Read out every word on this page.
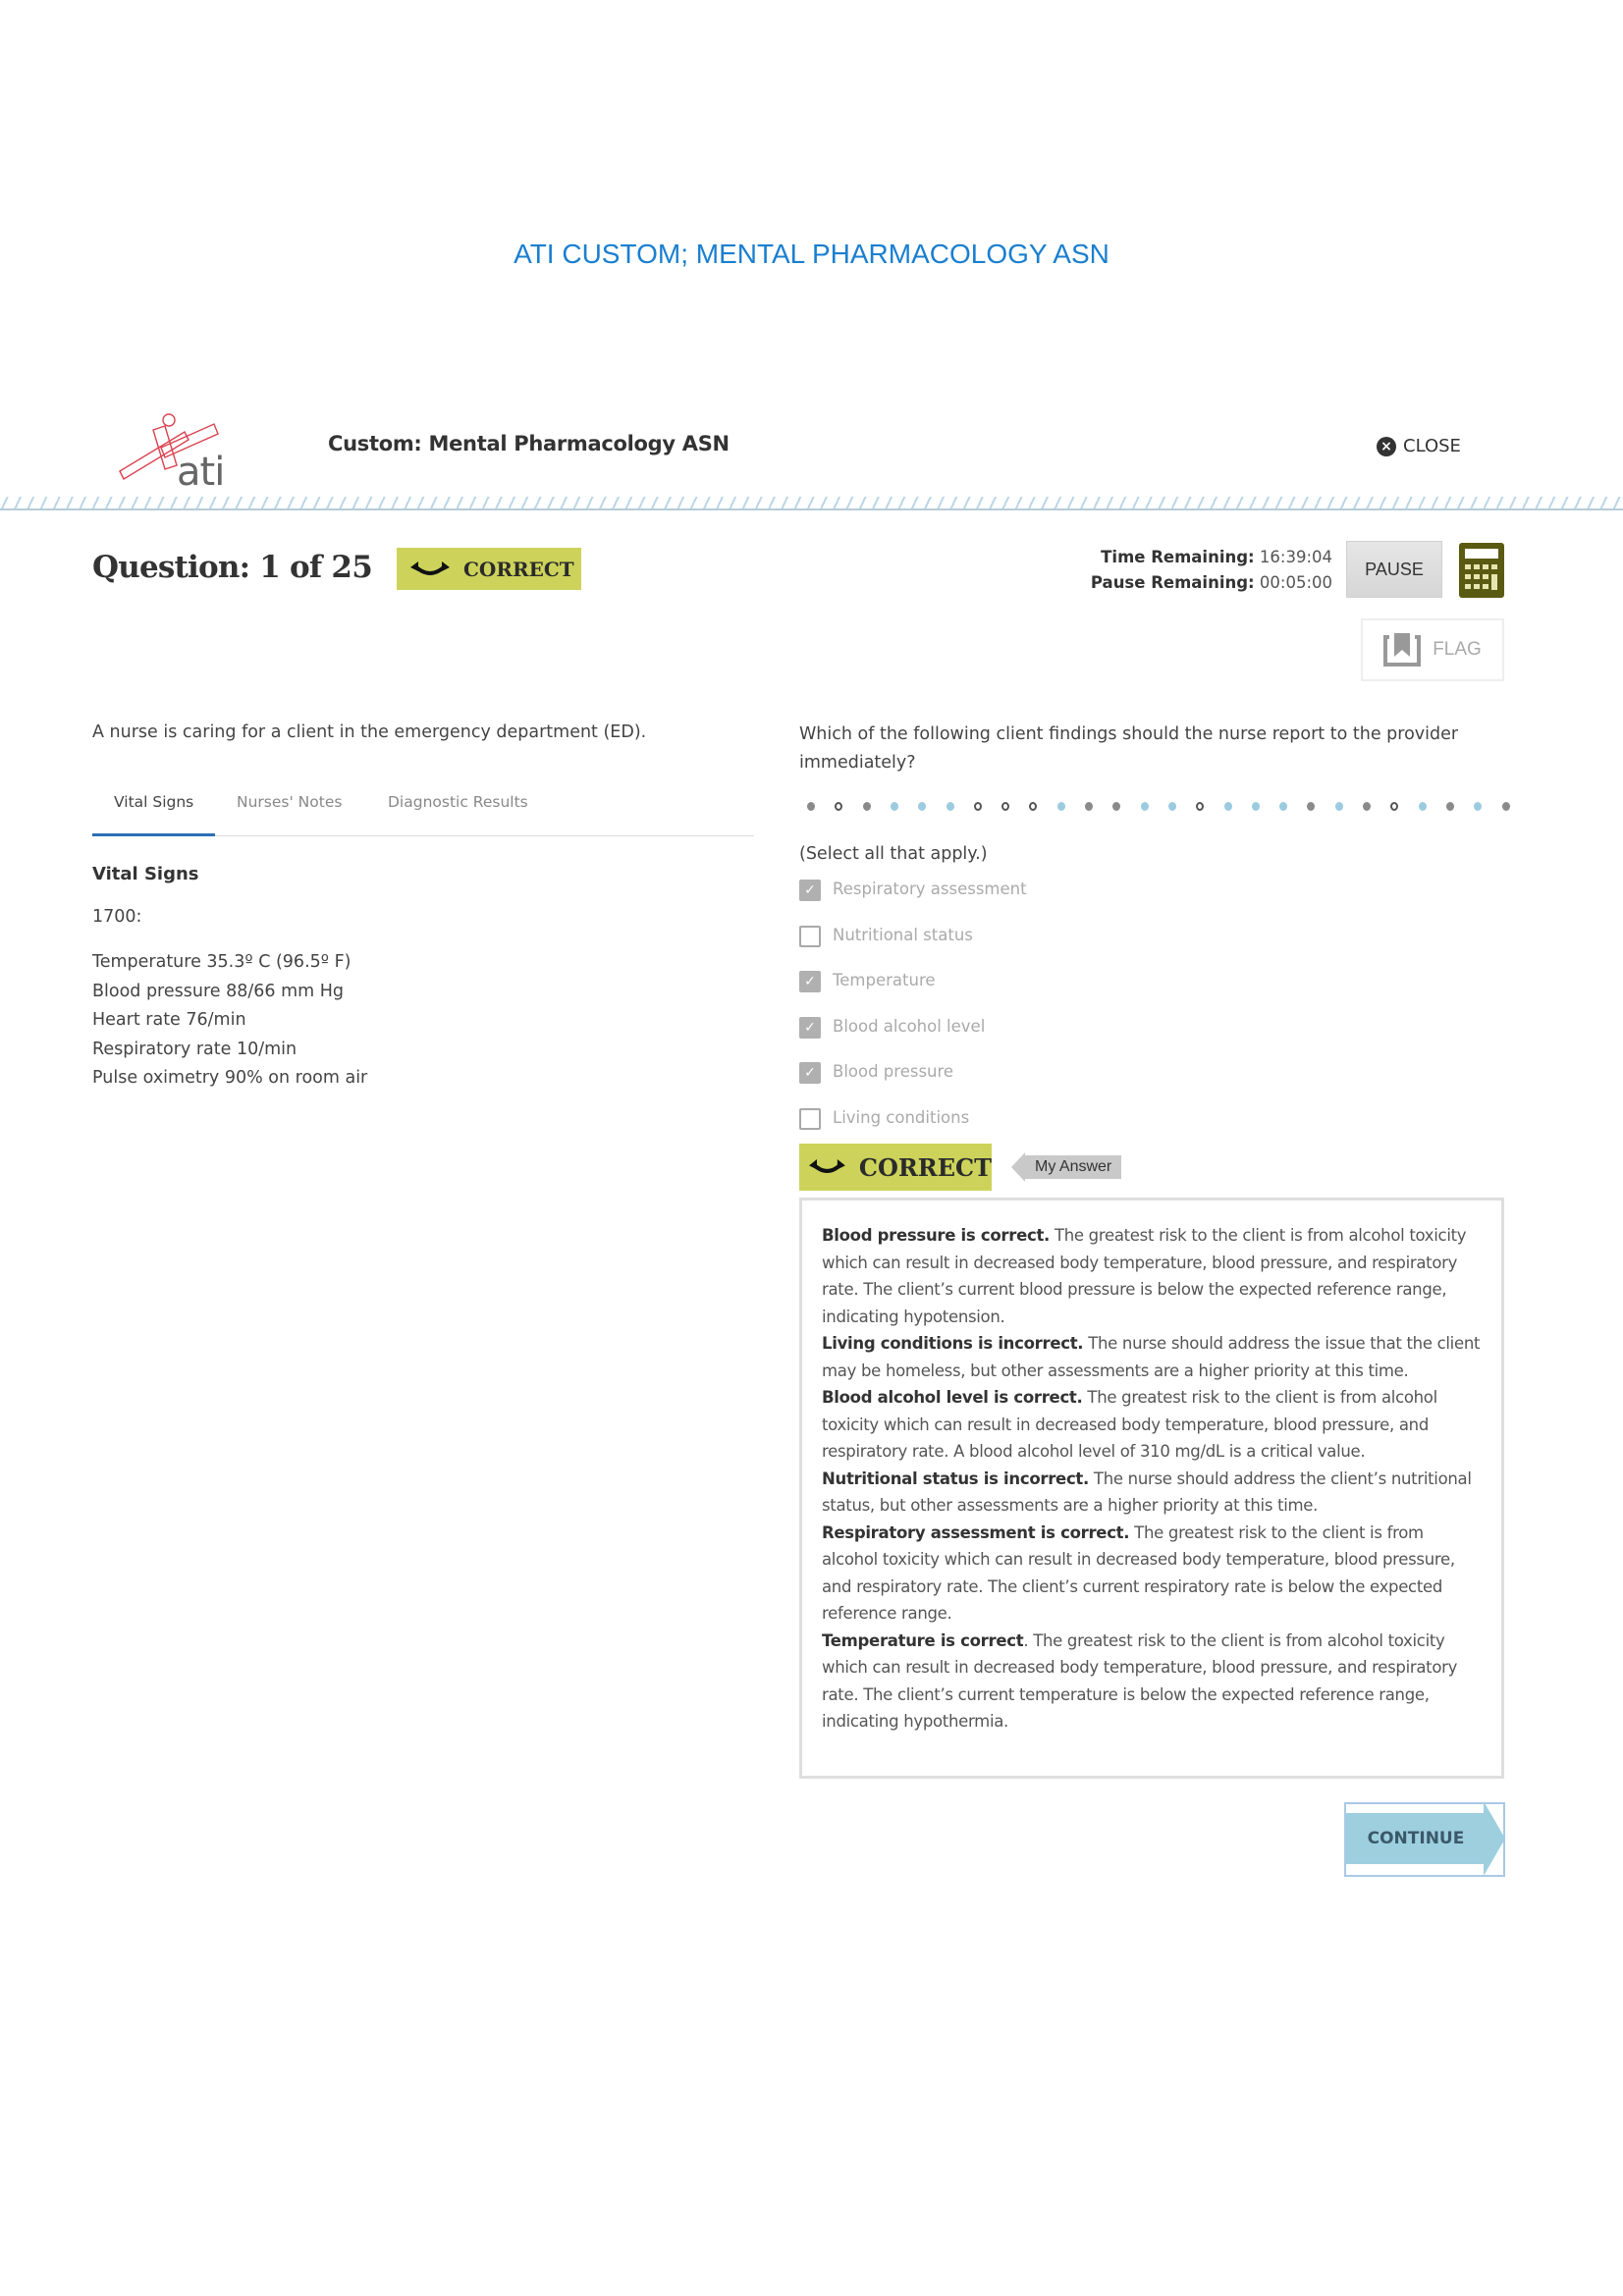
ATI CUSTOM; MENTAL PHARMACOLOGY ASN
ati
Custom: Mental Pharmacology ASN	× CLOSE
Question: 1 of 25	CORRECT	Time Remaining: 16:39:04
Pause Remaining: 00:05:00
PAUSE
FLAG
A nurse is caring for a client in the emergency department (ED).
Vital Signs	Nurses' Notes	Diagnostic Results
Vital Signs
1700:
Temperature 35.3º C (96.5º F)
Blood pressure 88/66 mm Hg
Heart rate 76/min
Respiratory rate 10/min
Pulse oximetry 90% on room air
Which of the following client findings should the nurse report to the provider immediately?
(Select all that apply.)
✓	Respiratory assessment
Nutritional status
✓	Temperature
✓	Blood alcohol level
✓	Blood pressure
Living conditions
CORRECT	My Answer

Blood pressure is correct. The greatest risk to the client is from alcohol toxicity which can result in decreased body temperature, blood pressure, and respiratory rate. The client’s current blood pressure is below the expected reference range, indicating hypotension.

Living conditions is incorrect. The nurse should address the issue that the client may be homeless, but other assessments are a higher priority at this time.

Blood alcohol level is correct. The greatest risk to the client is from alcohol toxicity which can result in decreased body temperature, blood pressure, and respiratory rate. A blood alcohol level of 310 mg/dL is a critical value.

Nutritional status is incorrect. The nurse should address the client’s nutritional status, but other assessments are a higher priority at this time.

Respiratory assessment is correct. The greatest risk to the client is from alcohol toxicity which can result in decreased body temperature, blood pressure, and respiratory rate. The client’s current respiratory rate is below the expected reference range.

Temperature is correct. The greatest risk to the client is from alcohol toxicity which can result in decreased body temperature, blood pressure, and respiratory rate. The client’s current temperature is below the expected reference range, indicating hypothermia.

CONTINUE
